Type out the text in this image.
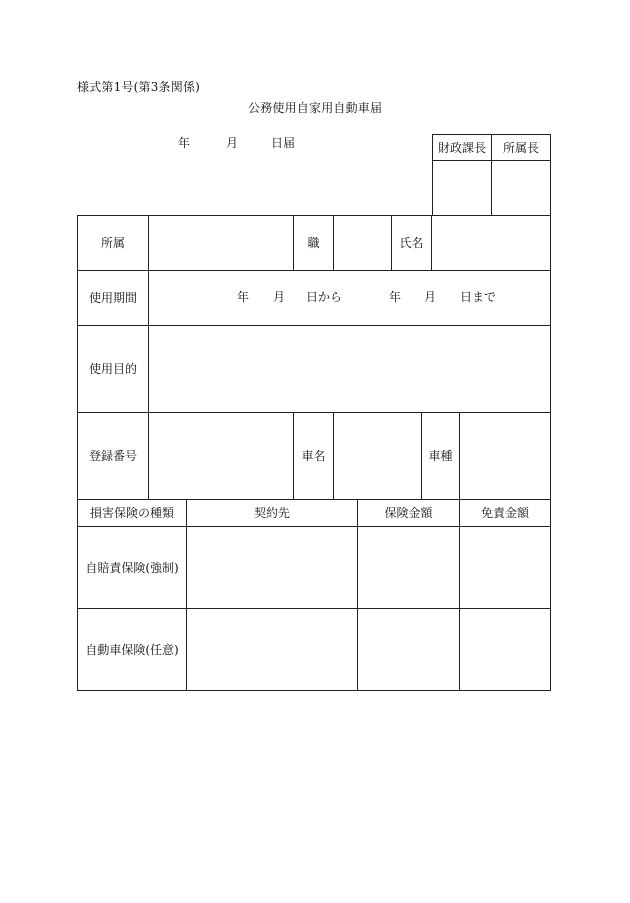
様式第1号(第3条関係)
公務使用自家用自動車届
年	月	日届	財政課長 所属長
所属	職	氏名
使用期間	年 月 日から	年 月 日まで
使用目的
登録番号	車名	車種
損害保険の種類	契約先	保険金額	免責金額
自賠責保険(強制)
自動車保険(任意)
